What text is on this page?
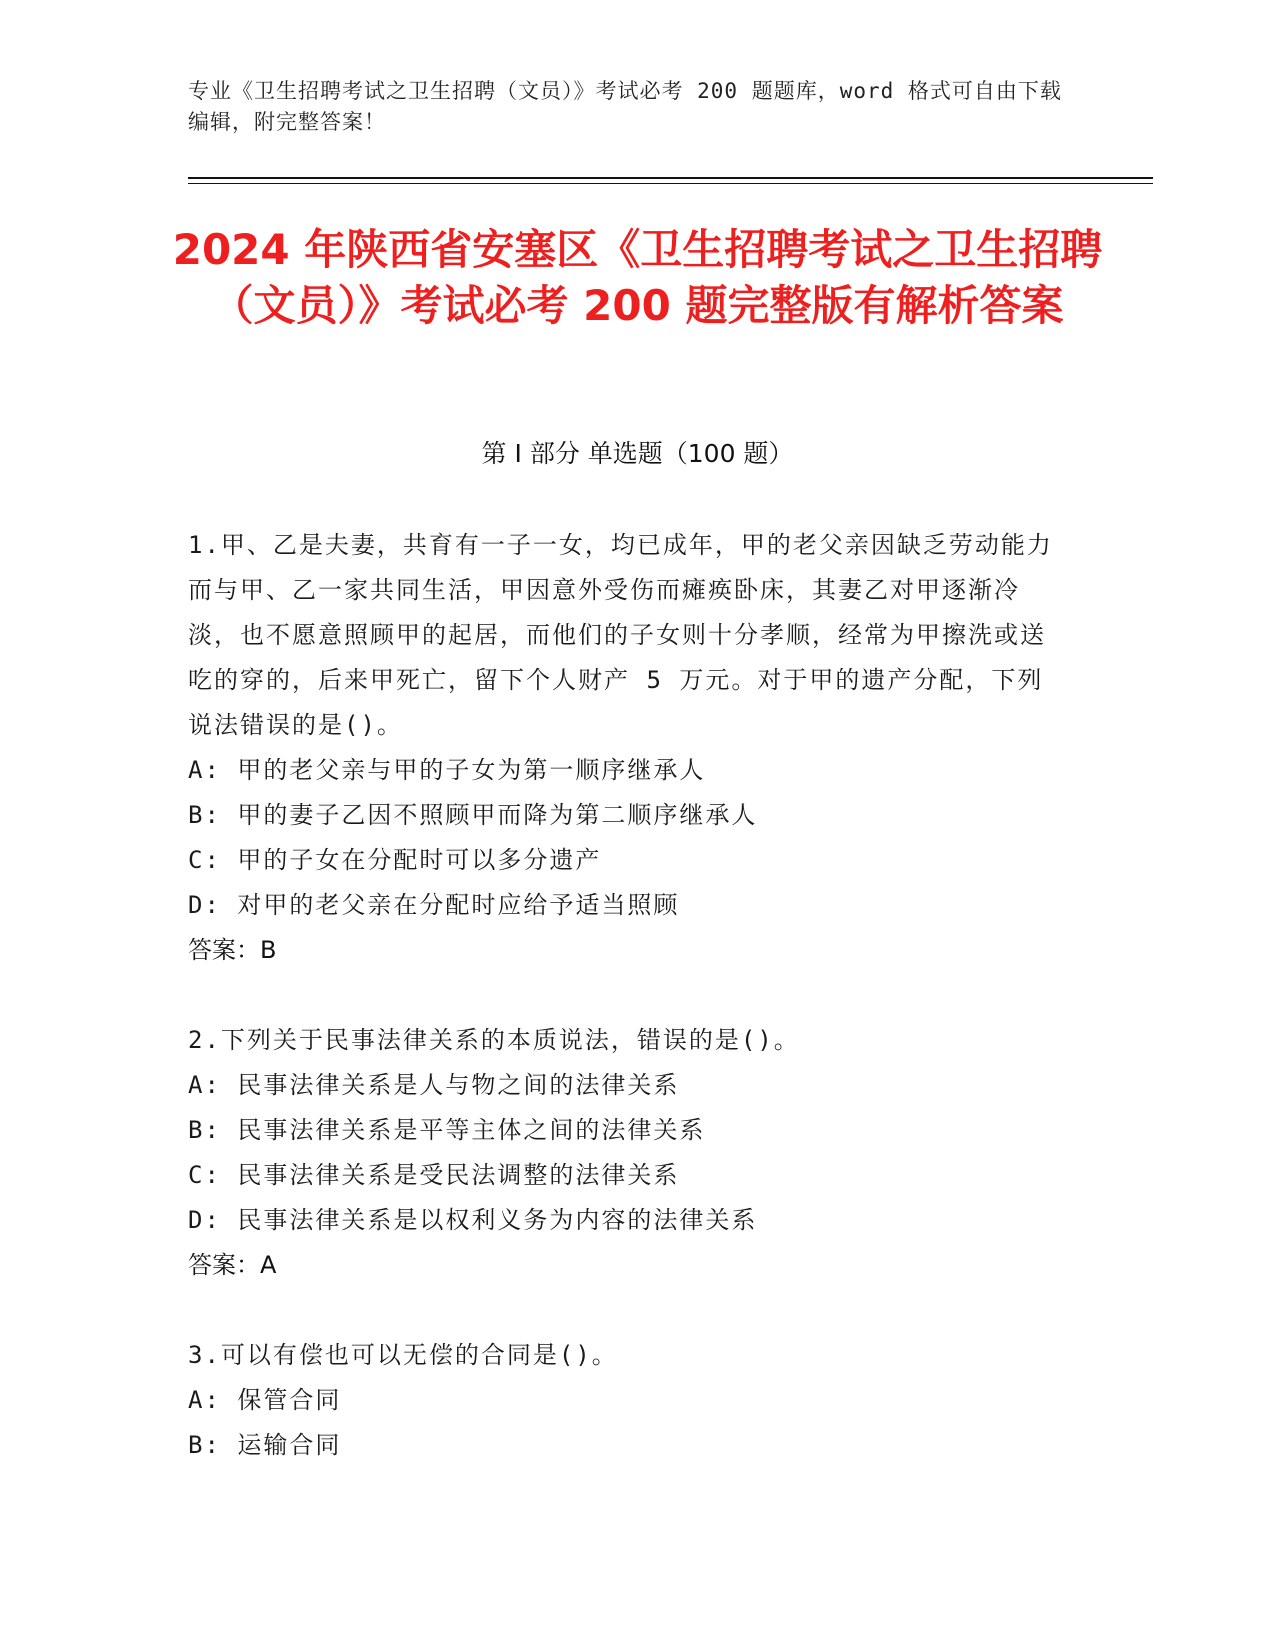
专业《卫生招聘考试之卫生招聘（文员）》考试必考 200 题题库，word 格式可自由下载编辑，附完整答案！
2024 年陕西省安塞区《卫生招聘考试之卫生招聘（文员）》考试必考 200 题完整版有解析答案
第 I 部分 单选题（100 题）

1.甲、乙是夫妻，共育有一子一女，均已成年，甲的老父亲因缺乏劳动能力而与甲、乙一家共同生活，甲因意外受伤而瘫痪卧床，其妻乙对甲逐渐冷淡，也不愿意照顾甲的起居，而他们的子女则十分孝顺，经常为甲擦洗或送吃的穿的，后来甲死亡，留下个人财产 5 万元。对于甲的遗产分配，下列说法错误的是()。

A: 甲的老父亲与甲的子女为第一顺序继承人

B: 甲的妻子乙因不照顾甲而降为第二顺序继承人

C: 甲的子女在分配时可以多分遗产

D: 对甲的老父亲在分配时应给予适当照顾

答案：B

2.下列关于民事法律关系的本质说法，错误的是()。

A: 民事法律关系是人与物之间的法律关系

B: 民事法律关系是平等主体之间的法律关系

C: 民事法律关系是受民法调整的法律关系

D: 民事法律关系是以权利义务为内容的法律关系

答案：A

3.可以有偿也可以无偿的合同是()。

A: 保管合同

B: 运输合同
